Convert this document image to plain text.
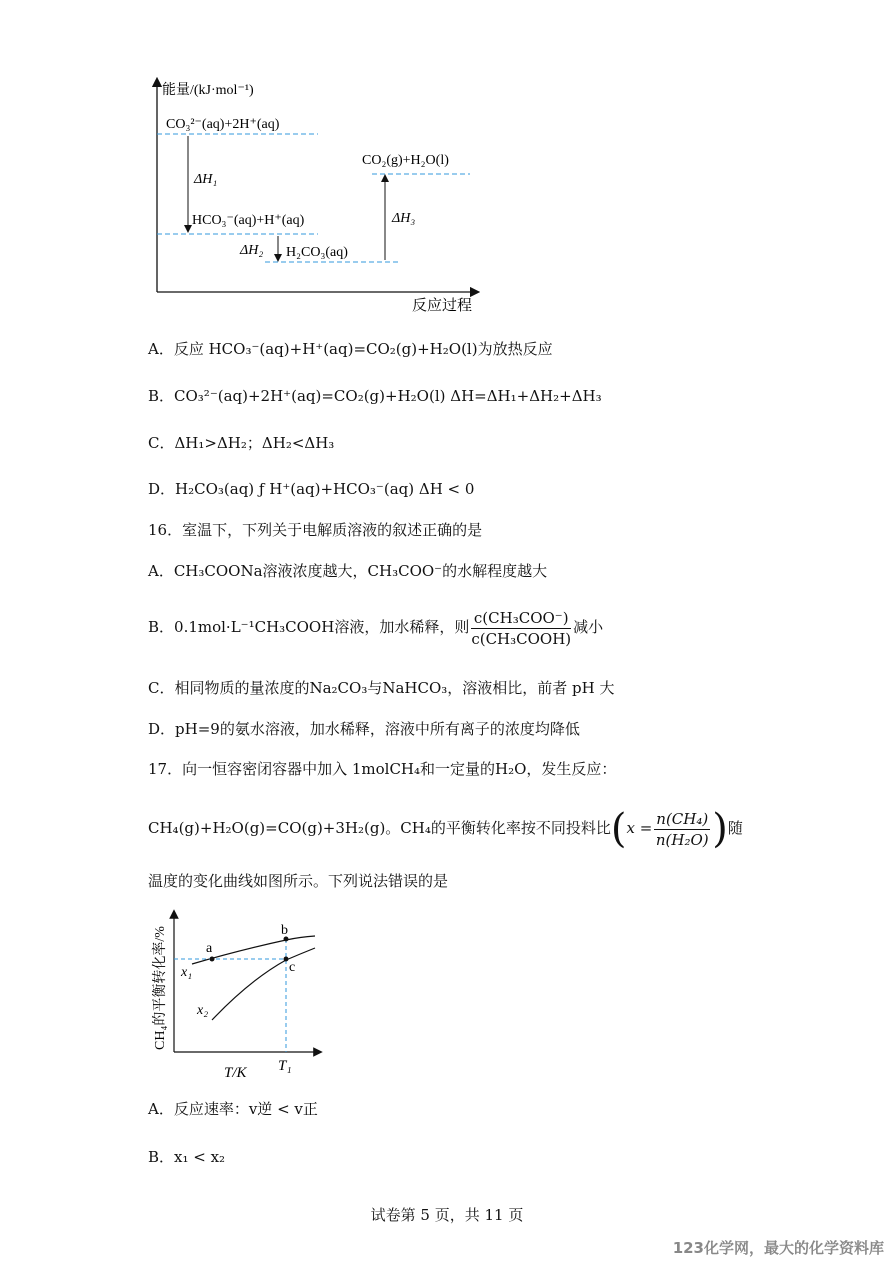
能量/(kJ·mol⁻¹)
反应过程
CO₃²⁻(aq)+2H⁺(aq)
HCO₃⁻(aq)+H⁺(aq)
H₂CO₃(aq)
CO₂(g)+H₂O(l)
ΔH₁
ΔH₂
ΔH₃
A．反应 HCO₃⁻(aq)+H⁺(aq)=CO₂(g)+H₂O(l)为放热反应
B．CO₃²⁻(aq)+2H⁺(aq)=CO₂(g)+H₂O(l) ΔH=ΔH₁+ΔH₂+ΔH₃
C．ΔH₁>ΔH₂；ΔH₂<ΔH₃
D．H₂CO₃(aq) ƒ H⁺(aq)+HCO₃⁻(aq) ΔH < 0
16．室温下，下列关于电解质溶液的叙述正确的是
A．CH₃COONa溶液浓度越大，CH₃COO⁻的水解程度越大
B．0.1mol·L⁻¹CH₃COOH溶液，加水稀释，则 $\frac{\text{c(CH₃COO⁻)}}{\text{c(CH₃COOH)}}$ 减小
C．相同物质的量浓度的Na₂CO₃与NaHCO₃，溶液相比，前者 pH 大
D．pH=9的氨水溶液，加水稀释，溶液中所有离子的浓度均降低
17．向一恒容密闭容器中加入 1molCH₄和一定量的H₂O，发生反应：
CH₄(g)+H₂O(g)=CO(g)+3H₂(g)。CH₄的平衡转化率按不同投料比($x = \frac{\text{n(CH₄)}}{\text{n(H₂O)}}$ )随
温度的变化曲线如图所示。下列说法错误的是
CH₄的平衡转化率/%
T/K T₁
a
b
c
x₁
x₂
A．反应速率：v逆 < v正
B．x₁ < x₂
试卷第 5 页，共 11 页
123化学网，最大的化学资料库
